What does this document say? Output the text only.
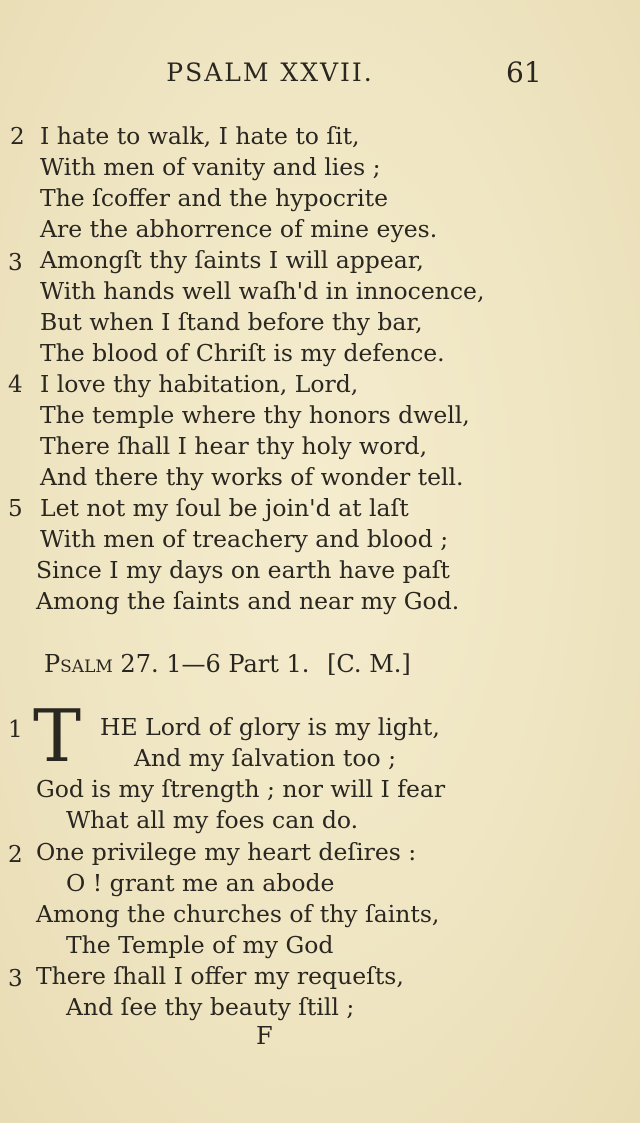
PSALM XXVII.	61
2 I hate to walk, I hate to ſit,
With men of vanity and lies ;
The ſcoffer and the hypocrite
Are the abhorrence of mine eyes.
3 Amongſt thy ſaints I will appear,
With hands well waſh'd in innocence,
But when I ſtand before thy bar,
The blood of Chriſt is my defence.
4 I love thy habitation, Lord,
The temple where thy honors dwell,
There ſhall I hear thy holy word,
And there thy works of wonder tell.
5 Let not my ſoul be join'd at laſt
With men of treachery and blood ;
Since I my days on earth have paſt
Among the ſaints and near my God.
Psalm 27. 1—6 Part 1. [C. M.]
1 T HE Lord of glory is my light,
And my ſalvation too ;
God is my ſtrength ; nor will I fear
What all my foes can do.
2 One privilege my heart deſires :
O ! grant me an abode
Among the churches of thy ſaints,
The Temple of my God
3 There ſhall I offer my requeſts,
And ſee thy beauty ſtill ;
F
